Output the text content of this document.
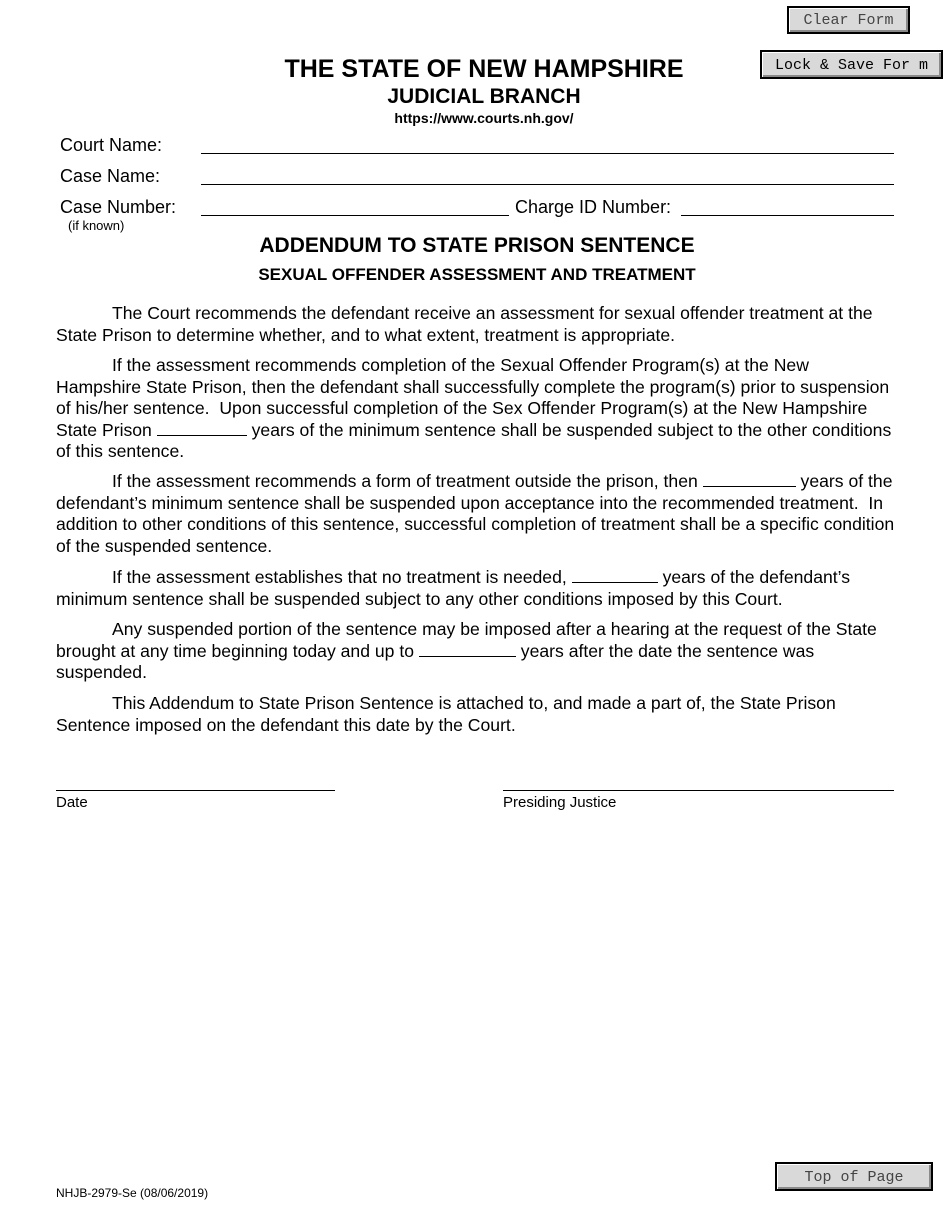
Clear Form
Lock & Save For m
THE STATE OF NEW HAMPSHIRE
JUDICIAL BRANCH
https://www.courts.nh.gov/
Court Name:
Case Name:
Case Number:
(if known)
Charge ID Number:
ADDENDUM TO STATE PRISON SENTENCE
SEXUAL OFFENDER ASSESSMENT AND TREATMENT

The Court recommends the defendant receive an assessment for sexual offender treatment at the State Prison to determine whether, and to what extent, treatment is appropriate.

If the assessment recommends completion of the Sexual Offender Program(s) at the New Hampshire State Prison, then the defendant shall successfully complete the program(s) prior to suspension of his/her sentence.  Upon successful completion of the Sex Offender Program(s) at the New Hampshire State Prison	years of the minimum sentence shall be suspended subject to the other conditions of this sentence.

If the assessment recommends a form of treatment outside the prison, then	years of the defendant’s minimum sentence shall be suspended upon acceptance into the recommended treatment.  In addition to other conditions of this sentence, successful completion of treatment shall be a specific condition of the suspended sentence.

If the assessment establishes that no treatment is needed,	years of the defendant’s minimum sentence shall be suspended subject to any other conditions imposed by this Court.

Any suspended portion of the sentence may be imposed after a hearing at the request of the State brought at any time beginning today and up to	years after the date the sentence was suspended.

This Addendum to State Prison Sentence is attached to, and made a part of, the State Prison Sentence imposed on the defendant this date by the Court.

Date	Presiding Justice
Top of Page
NHJB-2979-Se (08/06/2019)
